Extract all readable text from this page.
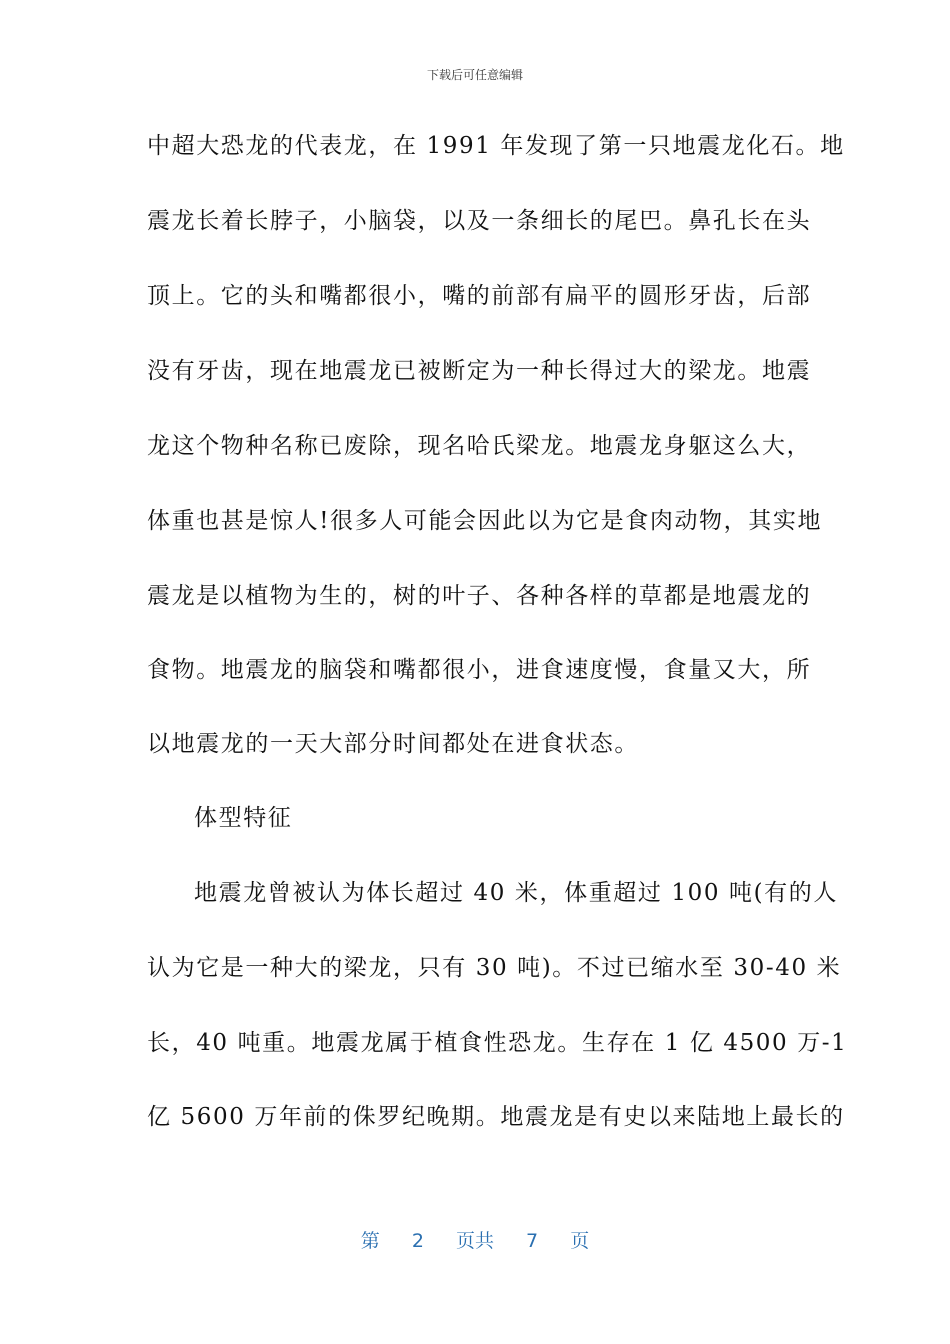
下载后可任意编辑
中超大恐龙的代表龙，在 1991 年发现了第一只地震龙化石。地
震龙长着长脖子，小脑袋，以及一条细长的尾巴。鼻孔长在头
顶上。它的头和嘴都很小，嘴的前部有扁平的圆形牙齿，后部
没有牙齿，现在地震龙已被断定为一种长得过大的梁龙。地震
龙这个物种名称已废除，现名哈氏梁龙。地震龙身躯这么大，
体重也甚是惊人!很多人可能会因此以为它是食肉动物，其实地
震龙是以植物为生的，树的叶子、各种各样的草都是地震龙的
食物。地震龙的脑袋和嘴都很小，进食速度慢，食量又大，所
以地震龙的一天大部分时间都处在进食状态。
体型特征
地震龙曾被认为体长超过 40 米，体重超过 100 吨(有的人
认为它是一种大的梁龙，只有 30 吨)。不过已缩水至 30-40 米
长，40 吨重。地震龙属于植食性恐龙。生存在 1 亿 4500 万-1
亿 5600 万年前的侏罗纪晚期。地震龙是有史以来陆地上最长的
第 2 页共 7 页
